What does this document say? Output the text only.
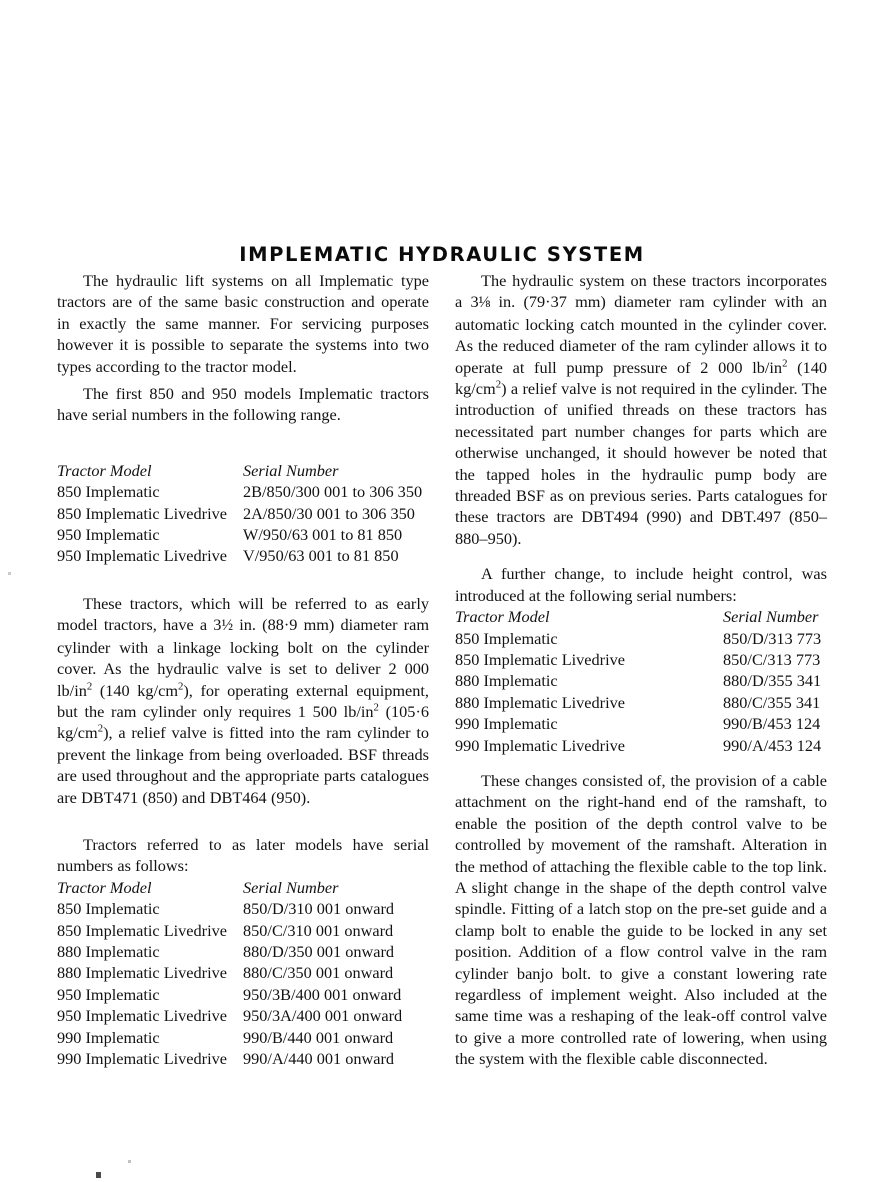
IMPLEMATIC HYDRAULIC SYSTEM

The hydraulic lift systems on all Implematic type tractors are of the same basic construction and operate in exactly the same manner. For servicing purposes however it is possible to separate the systems into two types according to the tractor model.

The first 850 and 950 models Implematic tractors have serial numbers in the following range.

Tractor Model	Serial Number
850 Implematic	2B/850/300 001 to 306 350
850 Implematic Livedrive	2A/850/30 001 to 306 350
950 Implematic	W/950/63 001 to 81 850
950 Implematic Livedrive	V/950/63 001 to 81 850

These tractors, which will be referred to as early model tractors, have a 3½ in. (88·9 mm) diameter ram cylinder with a linkage locking bolt on the cylinder cover. As the hydraulic valve is set to deliver 2 000 $lb/in^2$ (140 $kg/cm^2$), for operating external equipment, but the ram cylinder only requires 1 500 $lb/in^2$ (105·6 $kg/cm^2$), a relief valve is fitted into the ram cylinder to prevent the linkage from being overloaded. BSF threads are used throughout and the appropriate parts catalogues are DBT471 (850) and DBT464 (950).

Tractors referred to as later models have serial numbers as follows:

Tractor Model	Serial Number
850 Implematic	850/D/310 001 onward
850 Implematic Livedrive	850/C/310 001 onward
880 Implematic	880/D/350 001 onward
880 Implematic Livedrive	880/C/350 001 onward
950 Implematic	950/3B/400 001 onward
950 Implematic Livedrive	950/3A/400 001 onward
990 Implematic	990/B/440 001 onward
990 Implematic Livedrive	990/A/440 001 onward

The hydraulic system on these tractors incorporates a 3⅛ in. (79·37 mm) diameter ram cylinder with an automatic locking catch mounted in the cylinder cover. As the reduced diameter of the ram cylinder allows it to operate at full pump pressure of 2 000 $lb/in^2$ (140 $kg/cm^2$) a relief valve is not required in the cylinder. The introduction of unified threads on these tractors has necessitated part number changes for parts which are otherwise unchanged, it should however be noted that the tapped holes in the hydraulic pump body are threaded BSF as on previous series. Parts catalogues for these tractors are DBT494 (990) and DBT.497 (850–880–950).

A further change, to include height control, was introduced at the following serial numbers:

Tractor Model	Serial Number
850 Implematic	850/D/313 773
850 Implematic Livedrive	850/C/313 773
880 Implematic	880/D/355 341
880 Implematic Livedrive	880/C/355 341
990 Implematic	990/B/453 124
990 Implematic Livedrive	990/A/453 124

These changes consisted of, the provision of a cable attachment on the right-hand end of the ramshaft, to enable the position of the depth control valve to be controlled by movement of the ramshaft. Alteration in the method of attaching the flexible cable to the top link. A slight change in the shape of the depth control valve spindle. Fitting of a latch stop on the pre-set guide and a clamp bolt to enable the guide to be locked in any set position. Addition of a flow control valve in the ram cylinder banjo bolt. to give a constant lowering rate regardless of implement weight. Also included at the same time was a reshaping of the leak-off control valve to give a more controlled rate of lowering, when using the system with the flexible cable disconnected.
